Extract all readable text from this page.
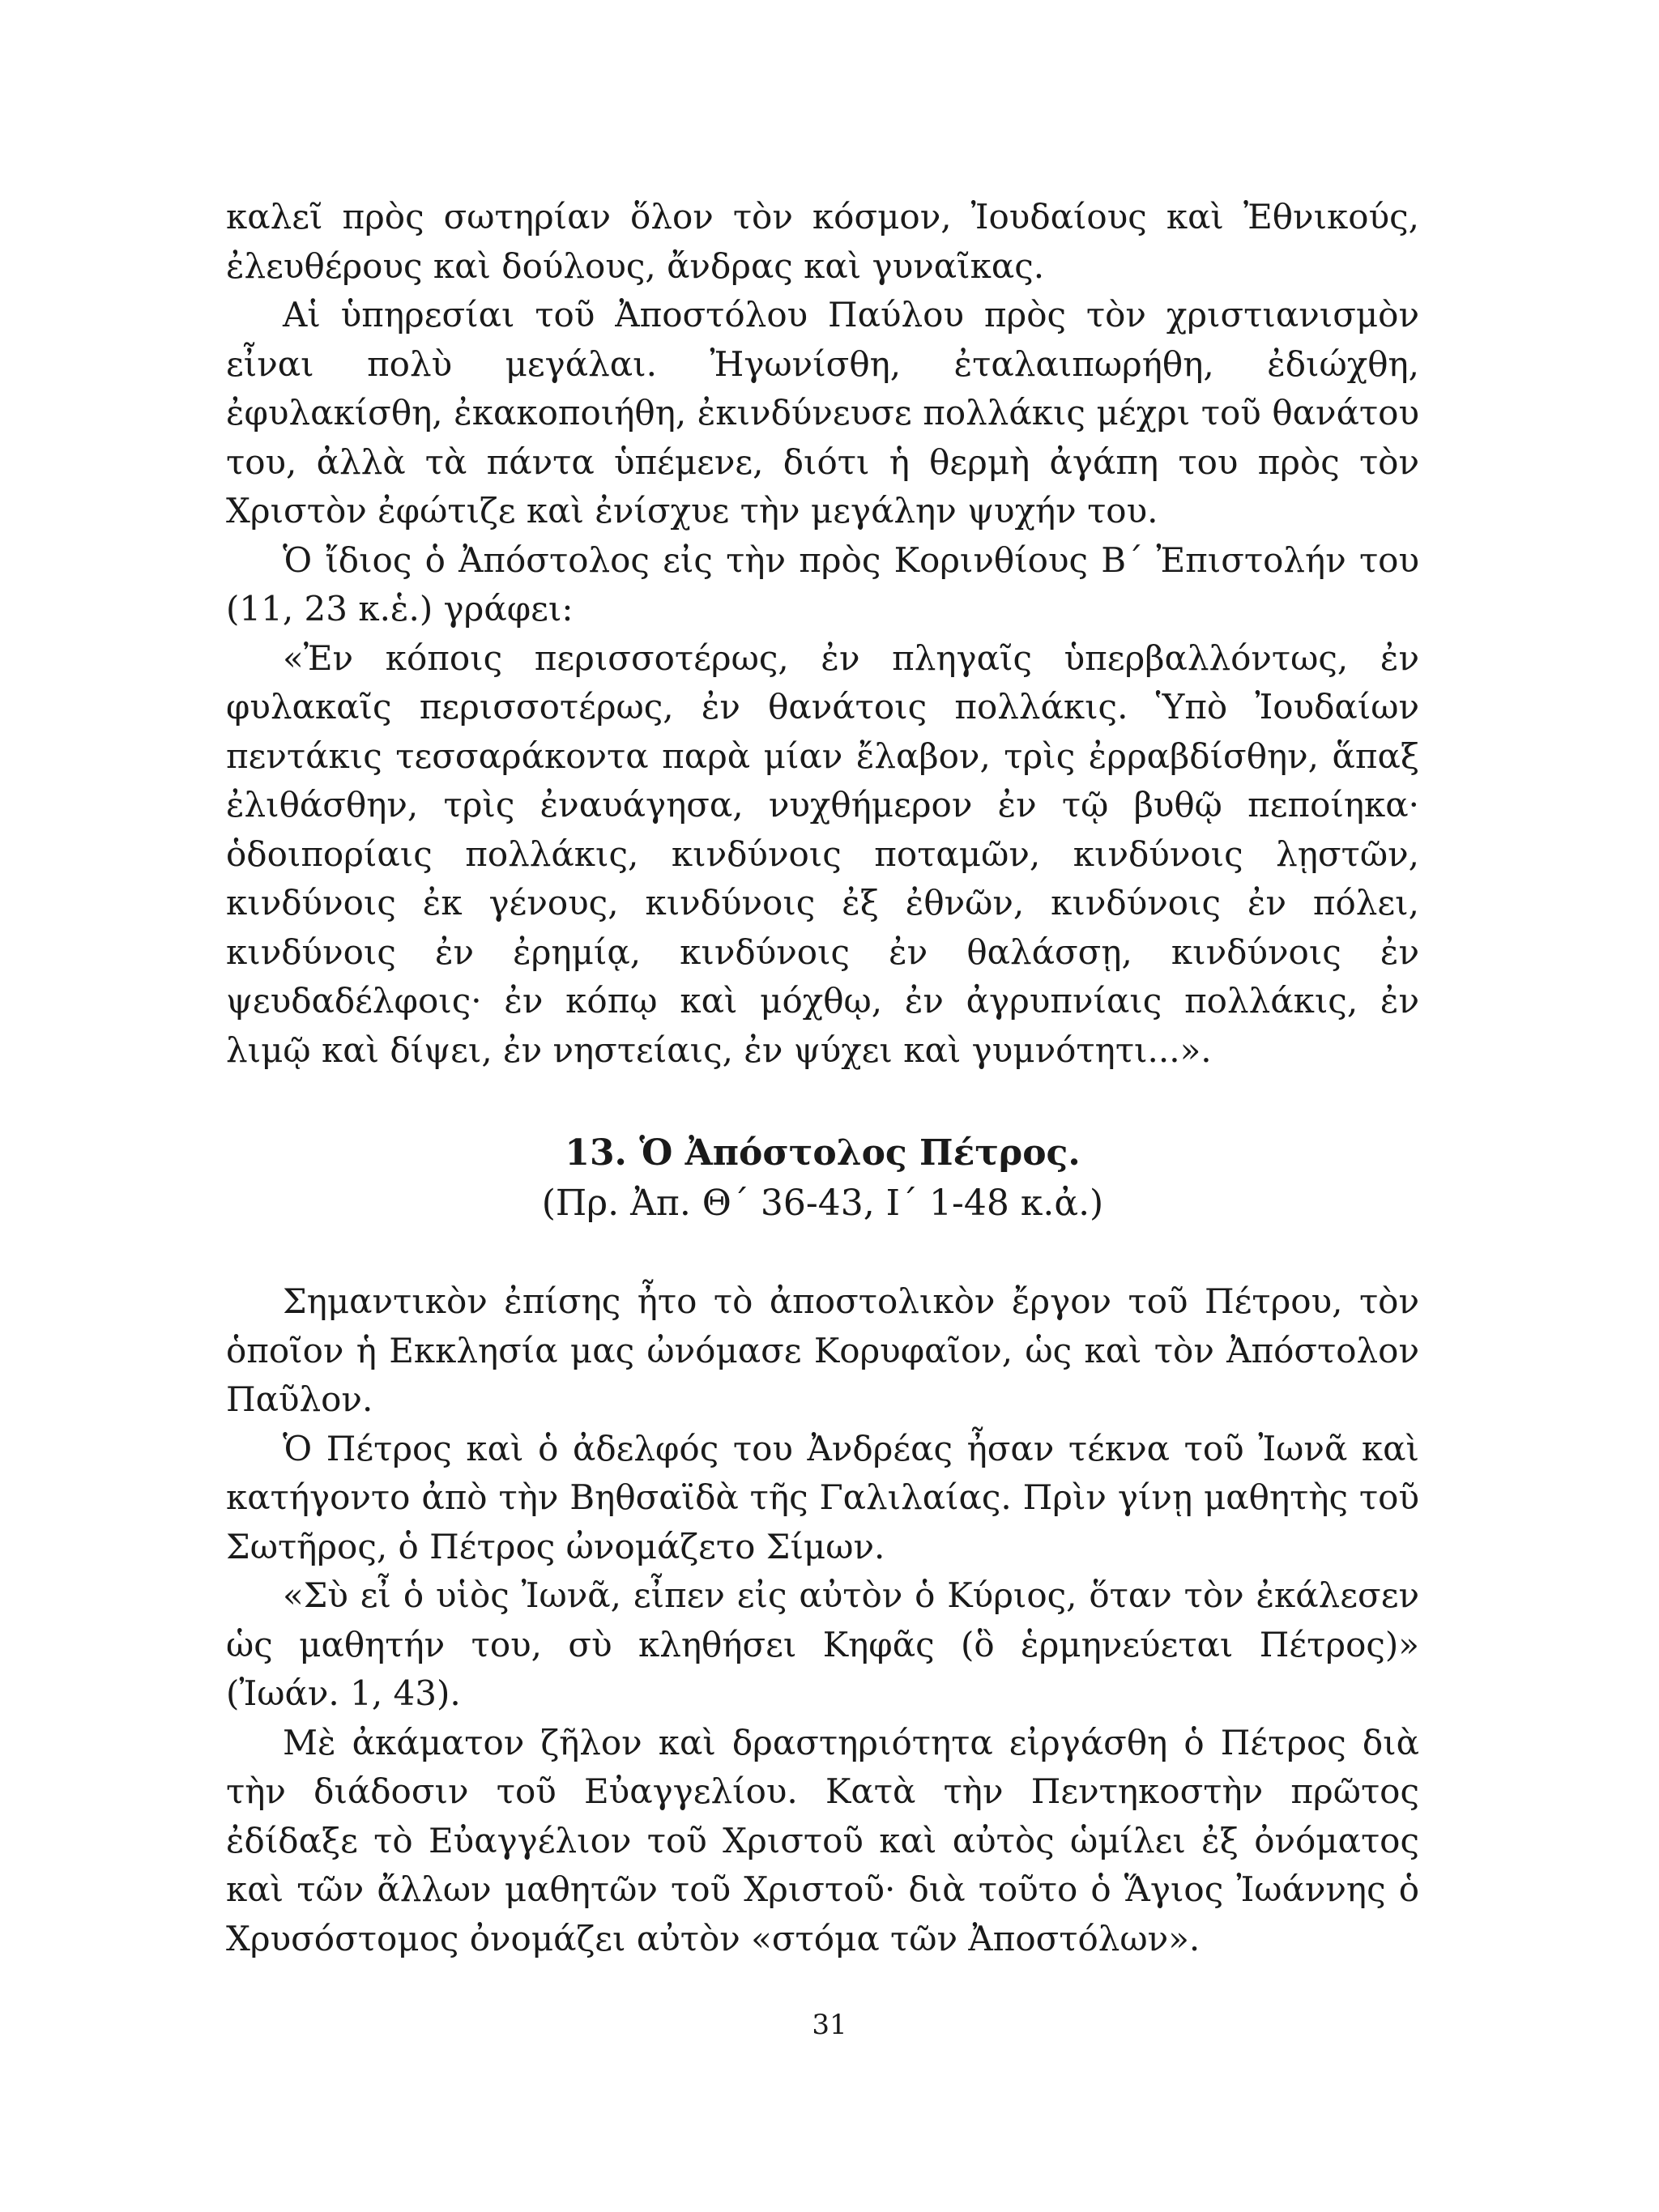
καλεῖ πρὸς σωτηρίαν ὅλον τὸν κόσμον, Ἰουδαίους καὶ Ἐθνικούς, ἐλευθέρους καὶ δούλους, ἄνδρας καὶ γυναῖκας.

Αἱ ὑπηρεσίαι τοῦ Ἀποστόλου Παύλου πρὸς τὸν χριστιανισμὸν εἶναι πολὺ μεγάλαι. Ἠγωνίσθη, ἐταλαιπωρήθη, ἐδιώχθη, ἐφυλακίσθη, ἐκακοποιήθη, ἐκινδύνευσε πολλάκις μέχρι τοῦ θανάτου του, ἀλλὰ τὰ πάντα ὑπέμενε, διότι ἡ θερμὴ ἀγάπη του πρὸς τὸν Χριστὸν ἐφώτιζε καὶ ἐνίσχυε τὴν μεγάλην ψυχήν του.

Ὁ ἴδιος ὁ Ἀπόστολος εἰς τὴν πρὸς Κορινθίους Β΄ Ἐπιστολήν του (11, 23 κ.ἑ.) γράφει:

«Ἐν κόποις περισσοτέρως, ἐν πληγαῖς ὑπερβαλλόντως, ἐν φυλακαῖς περισσοτέρως, ἐν θανάτοις πολλάκις. Ὑπὸ Ἰουδαίων πεντάκις τεσσαράκοντα παρὰ μίαν ἔλαβον, τρὶς ἐρραβδίσθην, ἅπαξ ἐλιθάσθην, τρὶς ἐναυάγησα, νυχθήμερον ἐν τῷ βυθῷ πεποίηκα· ὁδοιπορίαις πολλάκις, κινδύνοις ποταμῶν, κινδύνοις λῃστῶν, κινδύνοις ἐκ γένους, κινδύνοις ἐξ ἐθνῶν, κινδύνοις ἐν πόλει, κινδύνοις ἐν ἐρημίᾳ, κινδύνοις ἐν θαλάσσῃ, κινδύνοις ἐν ψευδαδέλφοις· ἐν κόπῳ καὶ μόχθῳ, ἐν ἀγρυπνίαις πολλάκις, ἐν λιμῷ καὶ δίψει, ἐν νηστείαις, ἐν ψύχει καὶ γυμνότητι...».

13. Ὁ Ἀπόστολος Πέτρος.
(Πρ. Ἀπ. Θ΄ 36-43, Ι΄ 1-48 κ.ἀ.)

Σημαντικὸν ἐπίσης ἦτο τὸ ἀποστολικὸν ἔργον τοῦ Πέτρου, τὸν ὁποῖον ἡ Εκκλησία μας ὠνόμασε Κορυφαῖον, ὡς καὶ τὸν Ἀπόστολον Παῦλον.

Ὁ Πέτρος καὶ ὁ ἀδελφός του Ἀνδρέας ἦσαν τέκνα τοῦ Ἰωνᾶ καὶ κατήγοντο ἀπὸ τὴν Βηθσαϊδὰ τῆς Γαλιλαίας. Πρὶν γίνῃ μαθητὴς τοῦ Σωτῆρος, ὁ Πέτρος ὠνομάζετο Σίμων.

«Σὺ εἶ ὁ υἱὸς Ἰωνᾶ, εἶπεν εἰς αὐτὸν ὁ Κύριος, ὅταν τὸν ἐκάλεσεν ὡς μαθητήν του, σὺ κληθήσει Κηφᾶς (ὃ ἑρμηνεύεται Πέτρος)» (Ἰωάν. 1, 43).

Μὲ ἀκάματον ζῆλον καὶ δραστηριότητα εἰργάσθη ὁ Πέτρος διὰ τὴν διάδοσιν τοῦ Εὐαγγελίου. Κατὰ τὴν Πεντηκοστὴν πρῶτος ἐδίδαξε τὸ Εὐαγγέλιον τοῦ Χριστοῦ καὶ αὐτὸς ὡμίλει ἐξ ὀνόματος καὶ τῶν ἄλλων μαθητῶν τοῦ Χριστοῦ· διὰ τοῦτο ὁ Ἅγιος Ἰωάννης ὁ Χρυσόστομος ὀνομάζει αὐτὸν «στόμα τῶν Ἀποστόλων».

31
